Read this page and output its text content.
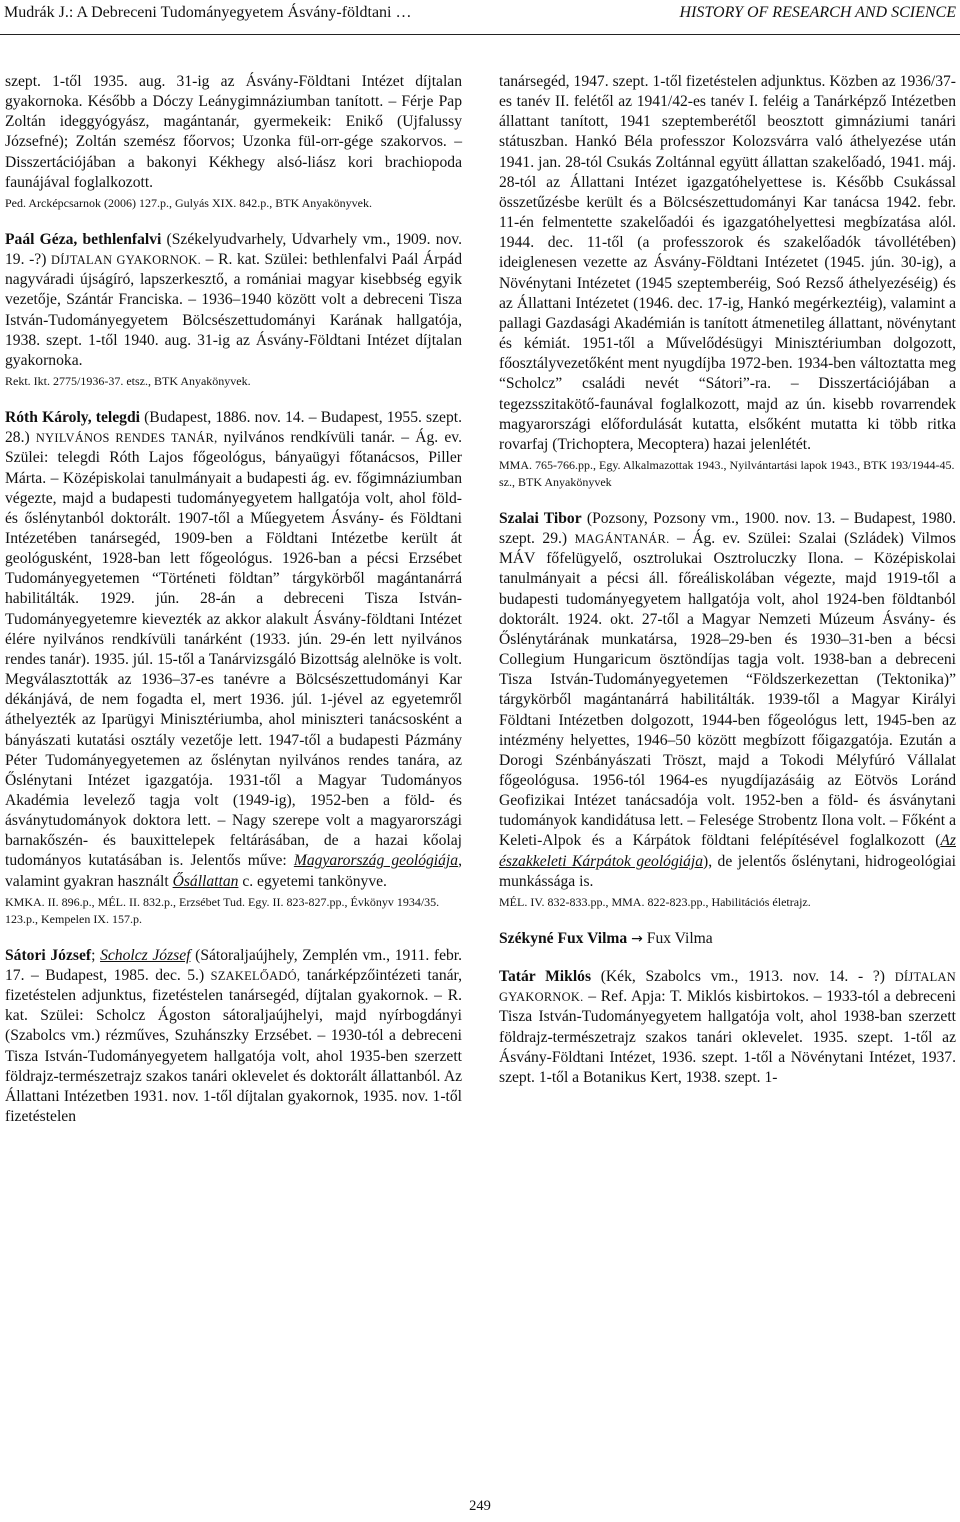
Mudrák J.: A Debreceni Tudományegyetem Ásvány-földtani …	HISTORY OF RESEARCH AND SCIENCE
szept. 1-től 1935. aug. 31-ig az Ásvány-Földtani Intézet díjtalan gyakornoka. Később a Dóczy Leánygimnáziumban tanított. – Férje Pap Zoltán ideggyógyász, magántanár, gyermekeik: Enikő (Ujfalussy Józsefné); Zoltán szemész főorvos; Uzonka fül-orr-gége szakorvos. – Disszertációjában a bakonyi Kékhegy alsó-liász kori brachiopoda faunájával foglalkozott.
Ped. Arcképcsarnok (2006) 127.p., Gulyás XIX. 842.p., BTK Anyakönyvek.
Paál Géza, bethlenfalvi (Székelyudvarhely, Udvarhely vm., 1909. nov. 19. -?) DÍJTALAN GYAKORNOK. – R. kat. Szülei: bethlenfalvi Paál Árpád nagyváradi újságíró, lapszerkesztő, a romániai magyar kisebbség egyik vezetője, Szántár Franciska. – 1936–1940 között volt a debreceni Tisza István-Tudományegyetem Bölcsészettudományi Karának hallgatója, 1938. szept. 1-től 1940. aug. 31-ig az Ásvány-Földtani Intézet díjtalan gyakornoka.
Rekt. Ikt. 2775/1936-37. etsz., BTK Anyakönyvek.
Róth Károly, telegdi (Budapest, 1886. nov. 14. – Budapest, 1955. szept. 28.) NYILVÁNOS RENDES TANÁR, nyilvános rendkívüli tanár. – Ág. ev. Szülei: telegdi Róth Lajos főgeológus, bányaügyi főtanácsos, Piller Márta. – Középiskolai tanulmányait a budapesti ág. ev. főgimnáziumban végezte, majd a budapesti tudományegyetem hallgatója volt, ahol föld- és őslénytanból doktorált. 1907-től a Műegyetem Ásvány- és Földtani Intézetében tanársegéd, 1909-ben a Földtani Intézetbe került át geológusként, 1928-ban lett főgeológus. 1926-ban a pécsi Erzsébet Tudományegyetemen “Történeti földtan” tárgykörből magántanárrá habilitálták. 1929. jún. 28-án a debreceni Tisza István-Tudományegyetemre kievezték az akkor alakult Ásvány-földtani Intézet élére nyilvános rendkívüli tanárként (1933. jún. 29-én lett nyilvános rendes tanár). 1935. júl. 15-től a Tanárvizsgáló Bizottság alelnöke is volt. Megválasztották az 1936–37-es tanévre a Bölcsészettudományi Kar dékánjává, de nem fogadta el, mert 1936. júl. 1-jével az egyetemről áthelyezték az Iparügyi Minisztériumba, ahol miniszteri tanácsosként a bányászati kutatási osztály vezetője lett. 1947-től a budapesti Pázmány Péter Tudományegyetemen az őslénytan nyilvános rendes tanára, az Őslénytani Intézet igazgatója. 1931-től a Magyar Tudományos Akadémia levelező tagja volt (1949-ig), 1952-ben a föld- és ásványtudományok doktora lett. – Nagy szerepe volt a magyarországi barnakőszén- és bauxittelepek feltárásában, de a hazai kőolaj tudományos kutatásában is. Jelentős műve: Magyarország geológiája, valamint gyakran használt Ősállattan c. egyetemi tankönyve.
KMKA. II. 896.p., MÉL. II. 832.p., Erzsébet Tud. Egy. II. 823-827.pp., Évkönyv 1934/35. 123.p., Kempelen IX. 157.p.
Sátori József; Scholcz József (Sátoraljaújhely, Zemplén vm., 1911. febr. 17. – Budapest, 1985. dec. 5.) SZAKELŐADÓ, tanárképzőintézeti tanár, fizetéstelen adjunktus, fizetéstelen tanársegéd, díjtalan gyakornok. – R. kat. Szülei: Scholcz Ágoston sátoraljaújhelyi, majd nyírbogdányi (Szabolcs vm.) rézműves, Szuhánszky Erzsébet. – 1930-tól a debreceni Tisza István-Tudományegyetem hallgatója volt, ahol 1935-ben szerzett földrajz-természetrajz szakos tanári oklevelet és doktorált állattanból. Az Állattani Intézetben 1931. nov. 1-től díjtalan gyakornok, 1935. nov. 1-től fizetéstelen
tanársegéd, 1947. szept. 1-től fizetéstelen adjunktus. Közben az 1936/37-es tanév II. felétől az 1941/42-es tanév I. feléig a Tanárképző Intézetben állattant tanított, 1941 szeptemberétől beosztott gimnáziumi tanári státuszban. Hankó Béla professzor Kolozsvárra való áthelyezése után 1941. jan. 28-tól Csukás Zoltánnal együtt állattan szakelőadó, 1941. máj. 28-tól az Állattani Intézet igazgatóhelyettese is. Később Csukással összetűzésbe került és a Bölcsészettudományi Kar tanácsa 1942. febr. 11-én felmentette szakelőadói és igazgatóhelyettesi megbízatása alól. 1944. dec. 11-től (a professzorok és szakelőadók távollétében) ideiglenesen vezette az Ásvány-Földtani Intézetet (1945. jún. 30-ig), a Növénytani Intézetet (1945 szeptemberéig, Soó Rezső áthelyezéséig) és az Állattani Intézetet (1946. dec. 17-ig, Hankó megérkeztéig), valamint a pallagi Gazdasági Akadémián is tanított átmenetileg állattant, növénytant és kémiát. 1951-től a Művelődésügyi Minisztériumban dolgozott, főosztályvezetőként ment nyugdíjba 1972-ben. 1934-ben változtatta meg “Scholcz” családi nevét “Sátori”-ra. – Disszertációjában a tegezsszitakötő-faunával foglalkozott, majd az ún. kisebb rovarrendek magyarországi előfordulását kutatta, elsőként mutatta ki több ritka rovarfaj (Trichoptera, Mecoptera) hazai jelenlétét.
MMA. 765-766.pp., Egy. Alkalmazottak 1943., Nyilvántartási lapok 1943., BTK 193/1944-45. sz., BTK Anyakönyvek
Szalai Tibor (Pozsony, Pozsony vm., 1900. nov. 13. – Budapest, 1980. szept. 29.) MAGÁNTANÁR. – Ág. ev. Szülei: Szalai (Szládek) Vilmos MÁV főfelügyelő, osztrolukai Osztroluczky Ilona. – Középiskolai tanulmányait a pécsi áll. főreáliskolában végezte, majd 1919-től a budapesti tudományegyetem hallgatója volt, ahol 1924-ben földtanból doktorált. 1924. okt. 27-től a Magyar Nemzeti Múzeum Ásvány- és Őslénytárának munkatársa, 1928–29-ben és 1930–31-ben a bécsi Collegium Hungaricum ösztöndíjas tagja volt. 1938-ban a debreceni Tisza István-Tudományegyetemen “Földszerkezettan (Tektonika)” tárgykörből magántanárrá habilitálták. 1939-től a Magyar Királyi Földtani Intézetben dolgozott, 1944-ben főgeológus lett, 1945-ben az intézmény helyettes, 1946–50 között megbízott főigazgatója. Ezután a Dorogi Szénbányászati Tröszt, majd a Tokodi Mélyfúró Vállalat főgeológusa. 1956-tól 1964-es nyugdíjazásáig az Eötvös Loránd Geofizikai Intézet tanácsadója volt. 1952-ben a föld- és ásványtani tudományok kandidátusa lett. – Felesége Strobentz Ilona volt. – Főként a Keleti-Alpok és a Kárpátok földtani felépítésével foglalkozott (Az északkeleti Kárpátok geológiája), de jelentős őslénytani, hidrogeológiai munkássága is.
MÉL. IV. 832-833.pp., MMA. 822-823.pp., Habilitációs életrajz.
Székyné Fux Vilma → Fux Vilma
Tatár Miklós (Kék, Szabolcs vm., 1913. nov. 14. - ?) DÍJTALAN GYAKORNOK. – Ref. Apja: T. Miklós kisbirtokos. – 1933-tól a debreceni Tisza István-Tudományegyetem hallgatója volt, ahol 1938-ban szerzett földrajz-természetrajz szakos tanári oklevelet. 1935. szept. 1-től az Ásvány-Földtani Intézet, 1936. szept. 1-től a Növénytani Intézet, 1937. szept. 1-től a Botanikus Kert, 1938. szept. 1-
249
